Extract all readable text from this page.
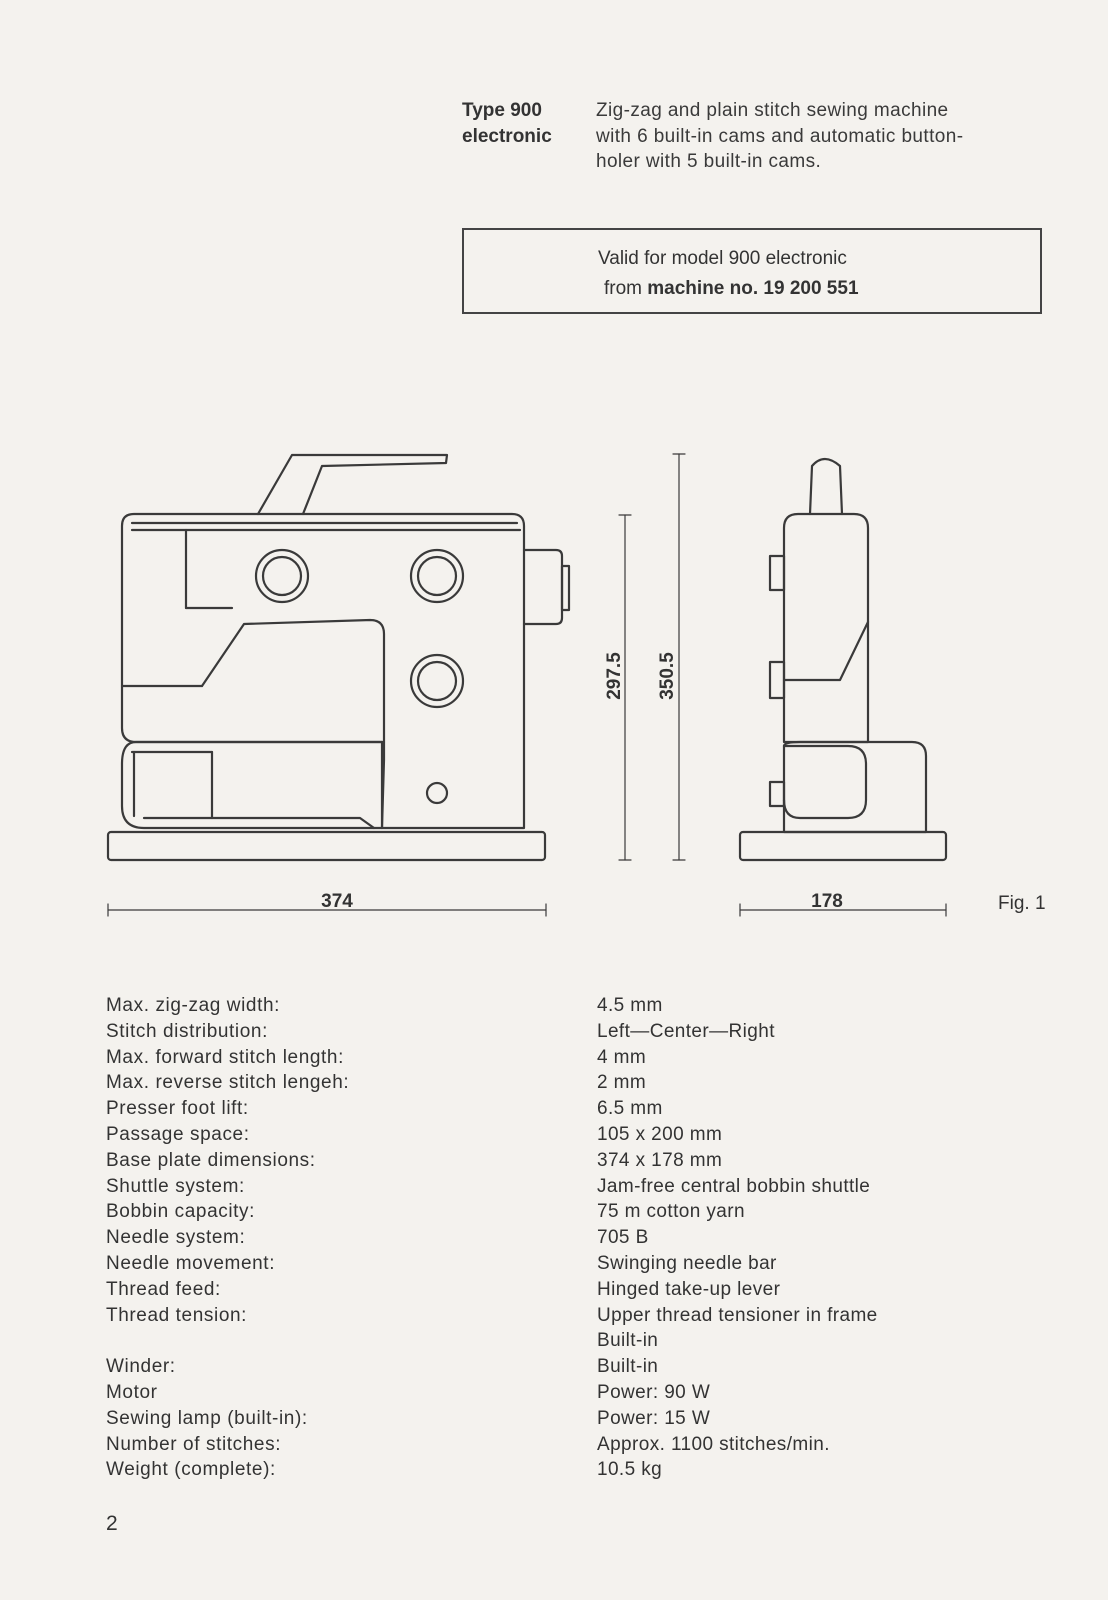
Type 900
electronic
Zig-zag and plain stitch sewing machine
with 6 built-in cams and automatic button-
holer with 5 built-in cams.
Valid for model 900 electronic
from machine no. 19 200 551
374	178
297.5 350.5
Fig. 1
Max. zig-zag width:
Stitch distribution:
Max. forward stitch length:
Max. reverse stitch lengeh:
Presser foot lift:
Passage space:
Base plate dimensions:
Shuttle system:
Bobbin capacity:
Needle system:
Needle movement:
Thread feed:
Thread tension:
Winder:
Motor
Sewing lamp (built-in):
Number of stitches:
Weight (complete):
4.5 mm
Left—Center—Right
4 mm
2 mm
6.5 mm
105 x 200 mm
374 x 178 mm
Jam-free central bobbin shuttle
75 m cotton yarn
705 B
Swinging needle bar
Hinged take-up lever
Upper thread tensioner in frame
Built-in
Built-in
Power: 90 W
Power: 15 W
Approx. 1100 stitches/min.
10.5 kg
2
